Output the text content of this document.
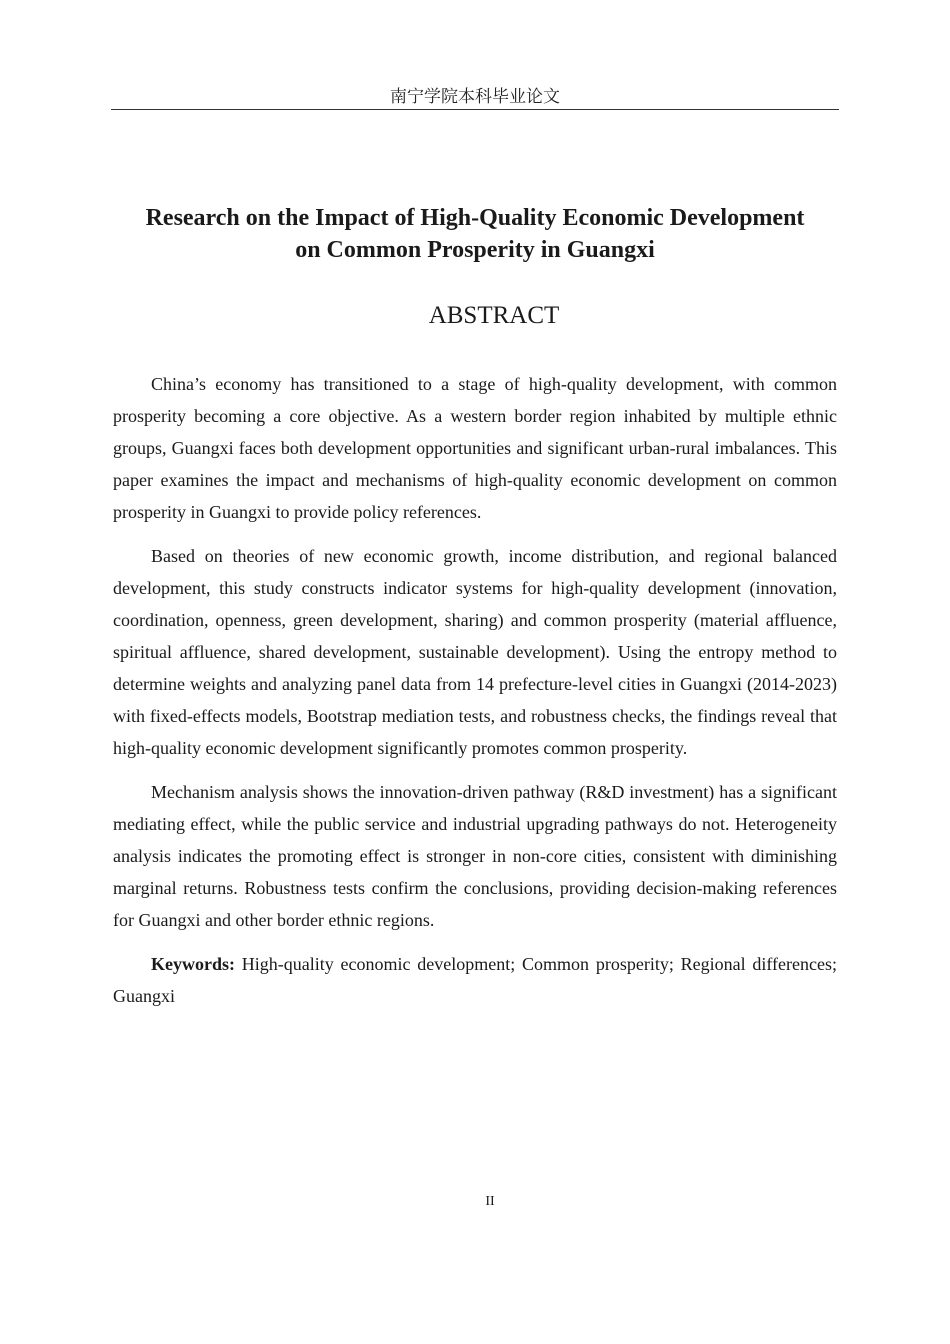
南宁学院本科毕业论文
Research on the Impact of High-Quality Economic Development
on Common Prosperity in Guangxi
ABSTRACT

China’s economy has transitioned to a stage of high-quality development, with common prosperity becoming a core objective. As a western border region inhabited by multiple ethnic groups, Guangxi faces both development opportunities and significant urban-rural imbalances. This paper examines the impact and mechanisms of high-quality economic development on common prosperity in Guangxi to provide policy references.

Based on theories of new economic growth, income distribution, and regional balanced development, this study constructs indicator systems for high-quality development (innovation, coordination, openness, green development, sharing) and common prosperity (material affluence, spiritual affluence, shared development, sustainable development). Using the entropy method to determine weights and analyzing panel data from 14 prefecture-level cities in Guangxi (2014-2023) with fixed-effects models, Bootstrap mediation tests, and robustness checks, the findings reveal that high-quality economic development significantly promotes common prosperity.

Mechanism analysis shows the innovation-driven pathway (R&D investment) has a significant mediating effect, while the public service and industrial upgrading pathways do not. Heterogeneity analysis indicates the promoting effect is stronger in non-core cities, consistent with diminishing marginal returns. Robustness tests confirm the conclusions, providing decision-making references for Guangxi and other border ethnic regions.

Keywords: High-quality economic development; Common prosperity; Regional differences; Guangxi

II
